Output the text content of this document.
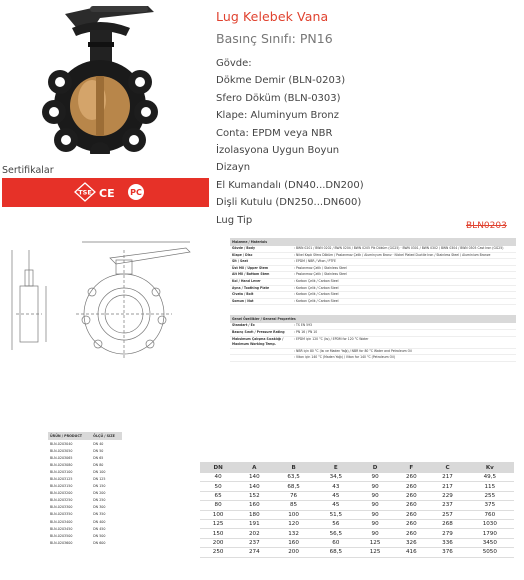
Lug Kelebek Vana
Basınç Sınıfı: PN16
Gövde:
Dökme Demir (BLN-0203)
Sfero Döküm (BLN-0303)
Klape: Aluminyum Bronz
Conta: EPDM veya NBR
İzolasyona Uygun Boyun
Dizayn
El Kumandalı (DN40...DN200)
Dişli Kutulu (DN250...DN600)
Lug Tip
Sertifikalar
TSE CE PC
BLN0203
Malzeme / Materials
Gövde / Body	: BWN 0201 / BWN 0202 / BWN 0204 / BWN 0205 Pik Döküm (GG25) · BWN 0301 / BWN 0302 / BWN 0304 / BWN 0305 Cast Iron (GG25)
Klape / Disc	: Nikel Kaplı Sfero Döküm / Paslanmaz Çelik / Aluminyum Bronz · Nickel Plated Ductile Iron / Stainless Steel / Aluminium Bronze
Sit / Seat	: EPDM / NBR / Viton / PTFE
Üst Mil / Upper Stem	: Paslanmaz Çelik / Stainless Steel
Alt Mil / Bottom Stem	: Paslanmaz Çelik / Stainless Steel
Kol / Hand Lever	: Karbon Çelik / Carbon Steel
Ayna / Toothing Plate	: Karbon Çelik / Carbon Steel
Civata / Bolt	: Karbon Çelik / Carbon Steel
Somun / Nut	: Karbon Çelik / Carbon Steel
Genel Özellikler / General Properties
Standart / Ex	: TS EN 593
Basınç Sınıfı / Pressure Rating	: PN 16 / PN 10
Maksimum Çalışma Sıcaklığı / Maximum Working Temp.
: EPDM için 120 °C (Isı) / EPDM for 120 °C Water
: NBR için 80 °C (Isı ve Maden Yağı) / NBR for 80 °C Water and Petroleum Oil
: Viton için 140 °C (Maden Yağı) / Viton for 140 °C (Petroleum Oil)
ÜRÜN / PRODUCT	ÖLÇÜ / SIZE
BLN-0203040	DN 40
BLN-0203050	DN 50
BLN-0203065	DN 65
BLN-0203080	DN 80
BLN-0203100	DN 100
BLN-0203125	DN 125
BLN-0203150	DN 150
BLN-0203200	DN 200
BLN-0203250	DN 250
BLN-0203300	DN 300
BLN-0203350	DN 350
BLN-0203400	DN 400
BLN-0203450	DN 450
BLN-0203500	DN 500
BLN-0203600	DN 600
DN	A	B	E	D	F	C	Kv
40	140	63,5	34,5	90	260	217	49,5
50	140	68,5	43	90	260	217	115
65	152	76	45	90	260	229	255
80	160	85	45	90	260	237	375
100	180	100	51,5	90	260	257	760
125	191	120	56	90	260	268	1030
150	202	132	56,5	90	260	279	1790
200	237	160	60	125	326	336	3450
250	274	200	68,5	125	416	376	5050
